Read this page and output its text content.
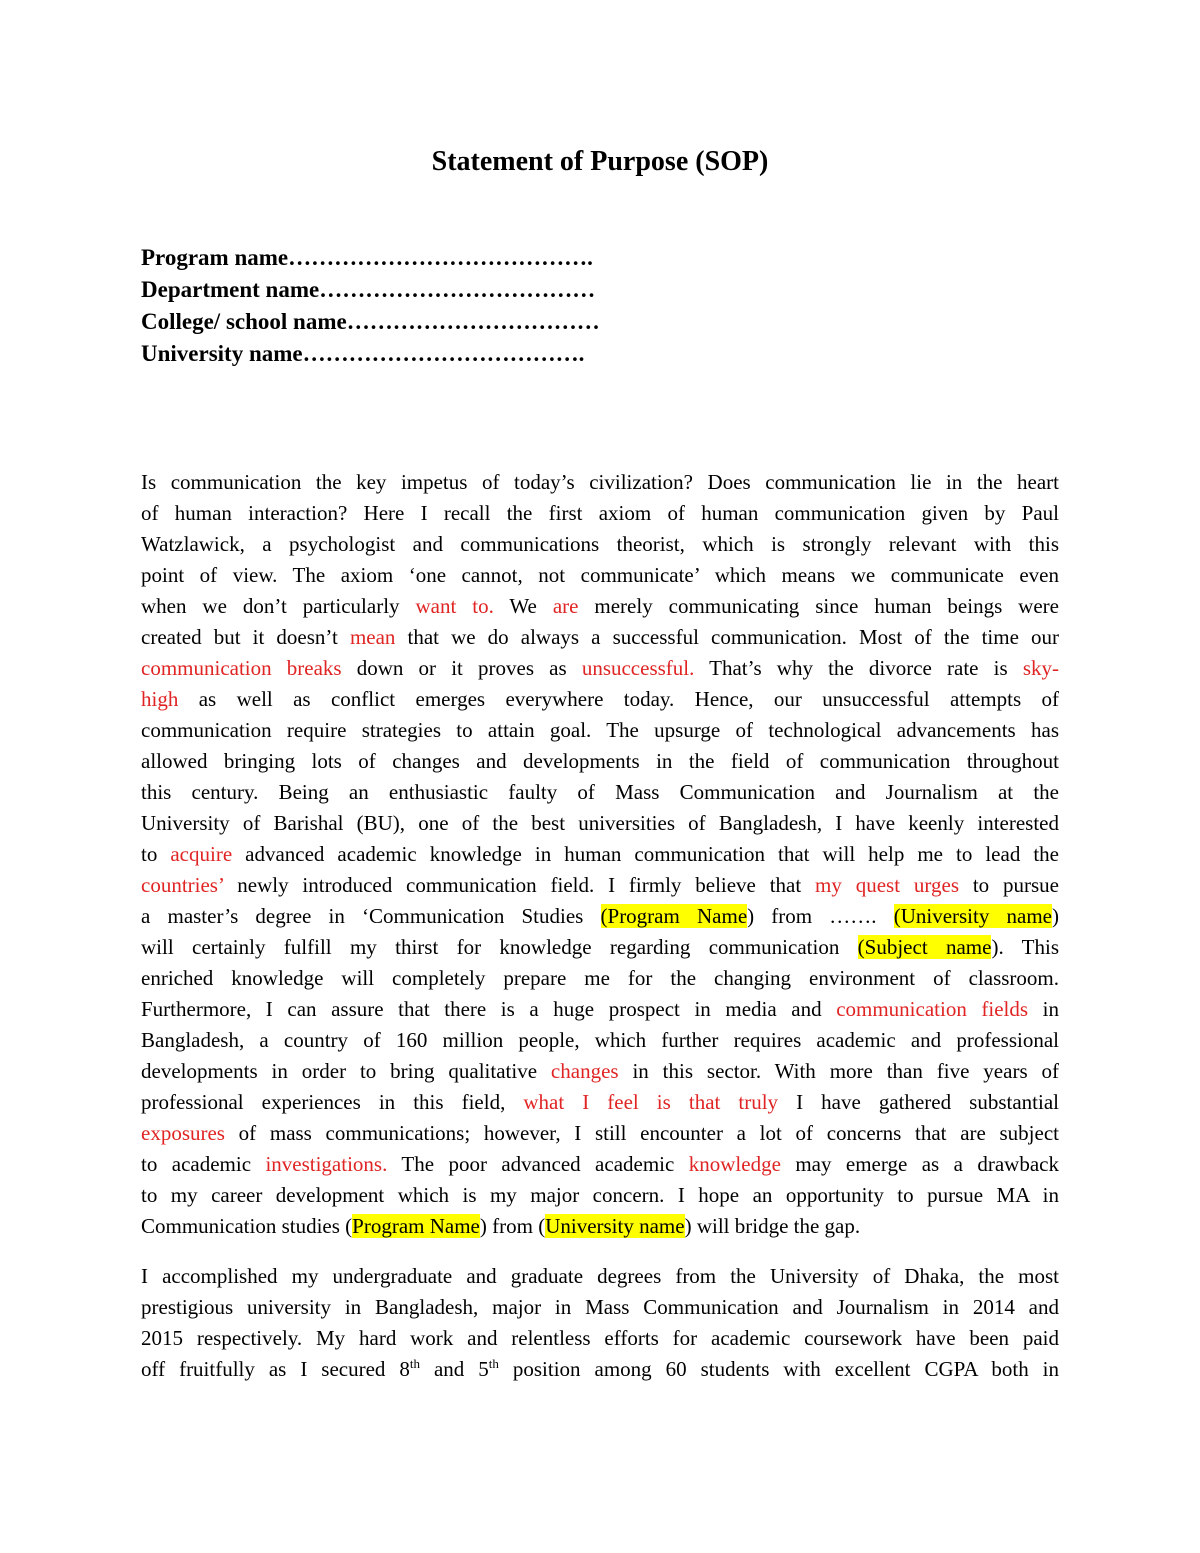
Statement of Purpose (SOP)
Program name………………………………….
Department name………………………………
College/ school name……………………………
University name……………………………….

Is communication the key impetus of today’s civilization? Does communication lie in the heart
of human interaction? Here I recall the first axiom of human communication given by Paul
Watzlawick, a psychologist and communications theorist, which is strongly relevant with this
point of view. The axiom ‘one cannot, not communicate’ which means we communicate even
when we don’t particularly want to. We are merely communicating since human beings were
created but it doesn’t mean that we do always a successful communication. Most of the time our
communication breaks down or it proves as unsuccessful. That’s why the divorce rate is sky-
high as well as conflict emerges everywhere today. Hence, our unsuccessful attempts of
communication require strategies to attain goal. The upsurge of technological advancements has
allowed bringing lots of changes and developments in the field of communication throughout
this century. Being an enthusiastic faulty of Mass Communication and Journalism at the
University of Barishal (BU), one of the best universities of Bangladesh, I have keenly interested
to acquire advanced academic knowledge in human communication that will help me to lead the
countries’ newly introduced communication field. I firmly believe that my quest urges to pursue
a master’s degree in ‘Communication Studies (Program Name) from ……. (University name)
will certainly fulfill my thirst for knowledge regarding communication (Subject name). This
enriched knowledge will completely prepare me for the changing environment of classroom.
Furthermore, I can assure that there is a huge prospect in media and communication fields in
Bangladesh, a country of 160 million people, which further requires academic and professional
developments in order to bring qualitative changes in this sector. With more than five years of
professional experiences in this field, what I feel is that truly I have gathered substantial
exposures of mass communications; however, I still encounter a lot of concerns that are subject
to academic investigations. The poor advanced academic knowledge may emerge as a drawback
to my career development which is my major concern. I hope an opportunity to pursue MA in
Communication studies (Program Name) from (University name) will bridge the gap.

I accomplished my undergraduate and graduate degrees from the University of Dhaka, the most
prestigious university in Bangladesh, major in Mass Communication and Journalism in 2014 and
2015 respectively. My hard work and relentless efforts for academic coursework have been paid
off fruitfully as I secured 8th and 5th position among 60 students with excellent CGPA both in
